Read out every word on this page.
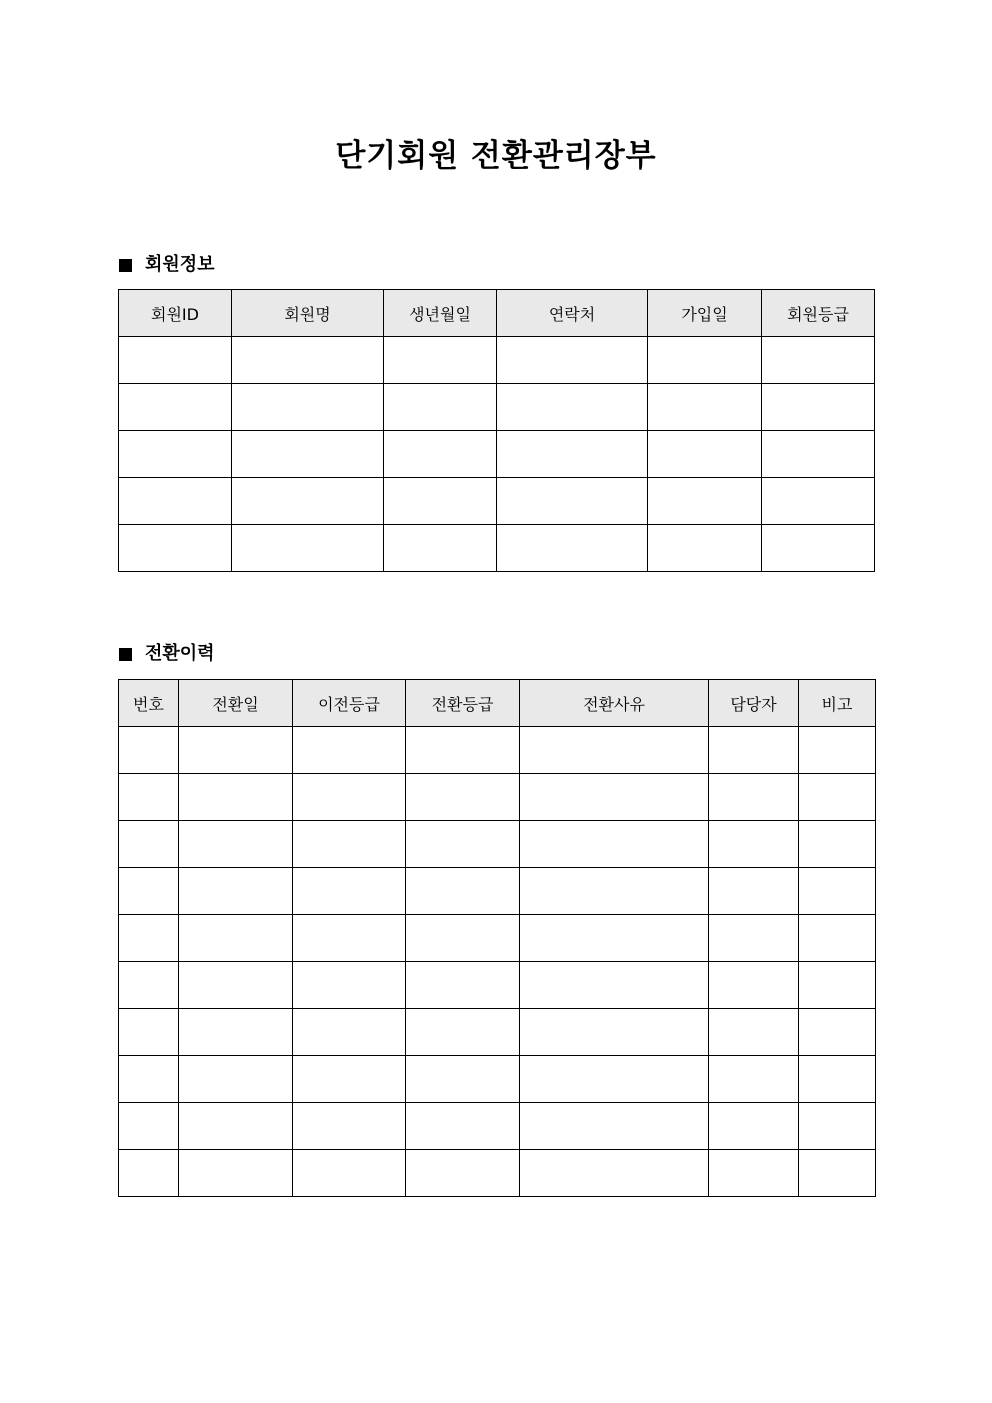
단기회원 전환관리장부
회원정보
회원ID	회원명	생년월일	연락처	가입일	회원등급

전환이력
번호	전환일	이전등급	전환등급	전환사유	담당자	비고
